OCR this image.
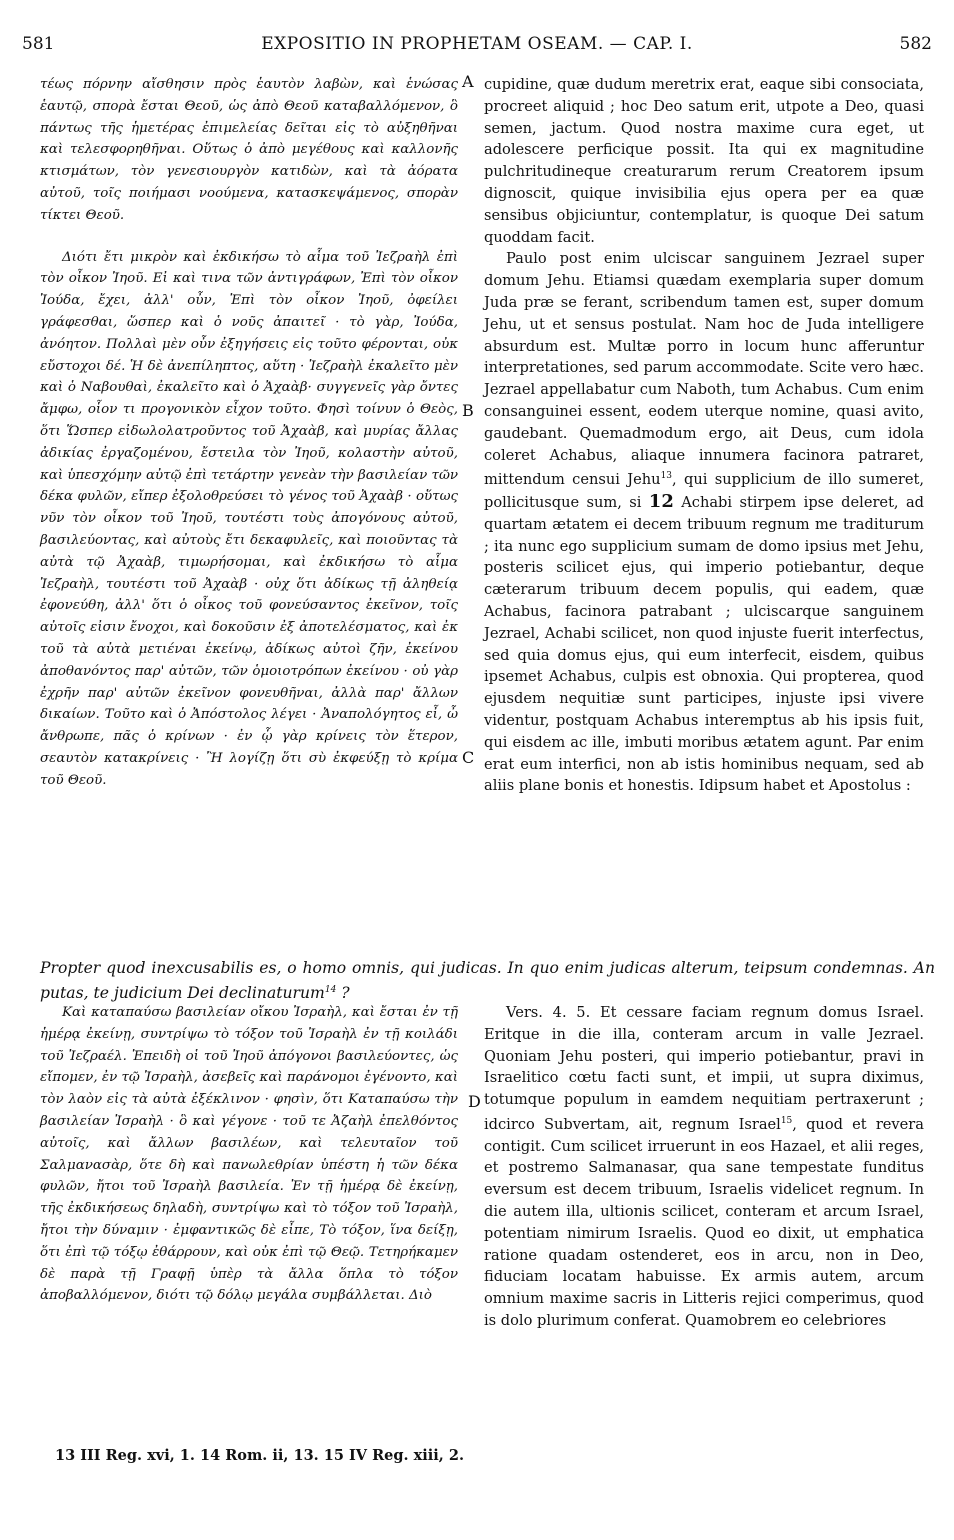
581	EXPOSITIO IN PROPHETAM OSEAM. — CAP. I.	582

τέως πόρνην αἴσθησιν πρὸς ἑαυτὸν λαβὼν, καὶ ἑνώσας ἑαυτῷ, σπορὰ ἔσται Θεοῦ, ὡς ἀπὸ Θεοῦ καταβαλλόμενον, ὃ πάντως τῆς ἡμετέρας ἐπιμελείας δεῖται εἰς τὸ αὐξηθῆναι καὶ τελεσφορηθῆναι. Οὕτως ὁ ἀπὸ μεγέθους καὶ καλλονῆς κτισμάτων, τὸν γενεσιουργὸν κατιδὼν, καὶ τὰ ἀόρατα αὐτοῦ, τοῖς ποιήμασι νοούμενα, κατασκεψάμενος, σπορὰν τίκτει Θεοῦ.

Διότι ἔτι μικρὸν καὶ ἐκδικήσω τὸ αἷμα τοῦ Ἰεζραὴλ ἐπὶ τὸν οἶκον Ἰηοῦ. Εἰ καὶ τινα τῶν ἀντιγράφων, Ἐπὶ τὸν οἶκον Ἰούδα, ἔχει, ἀλλ' οὖν, Ἐπὶ τὸν οἶκον Ἰηοῦ, ὀφείλει γράφεσθαι, ὥσπερ καὶ ὁ νοῦς ἀπαιτεῖ · τὸ γὰρ, Ἰούδα, ἀνόητον. Πολλαὶ μὲν οὖν ἐξηγήσεις εἰς τοῦτο φέρονται, οὐκ εὔστοχοι δέ. Ἡ δὲ ἀνεπίληπτος, αὕτη · Ἰεζραὴλ ἐκαλεῖτο μὲν καὶ ὁ Ναβουθαὶ, ἐκαλεῖτο καὶ ὁ Ἀχαὰβ· συγγενεῖς γὰρ ὄντες ἄμφω, οἷον τι προγονικὸν εἶχον τοῦτο. Φησὶ τοίνυν ὁ Θεὸς, ὅτι Ὥσπερ εἰδωλολατροῦντος τοῦ Ἀχαὰβ, καὶ μυρίας ἄλλας ἀδικίας ἐργαζομένου, ἔστειλα τὸν Ἰηοῦ, κολαστὴν αὐτοῦ, καὶ ὑπεσχόμην αὐτῷ ἐπὶ τετάρτην γενεὰν τὴν βασιλείαν τῶν δέκα φυλῶν, εἴπερ ἐξολοθρεύσει τὸ γένος τοῦ Ἀχαὰβ · οὕτως νῦν τὸν οἶκον τοῦ Ἰηοῦ, τουτέστι τοὺς ἀπογόνους αὐτοῦ, βασιλεύοντας, καὶ αὐτοὺς ἔτι δεκαφυλεῖς, καὶ ποιοῦντας τὰ αὐτὰ τῷ Ἀχαὰβ, τιμωρήσομαι, καὶ ἐκδικήσω τὸ αἷμα Ἰεζραὴλ, τουτέστι τοῦ Ἀχαὰβ · οὐχ ὅτι ἀδίκως τῇ ἀληθείᾳ ἐφονεύθη, ἀλλ' ὅτι ὁ οἶκος τοῦ φονεύσαντος ἐκεῖνον, τοῖς αὐτοῖς εἰσιν ἔνοχοι, καὶ δοκοῦσιν ἐξ ἀποτελέσματος, καὶ ἐκ τοῦ τὰ αὐτὰ μετιέναι ἐκείνῳ, ἀδίκως αὐτοὶ ζῆν, ἐκείνου ἀποθανόντος παρ' αὐτῶν, τῶν ὁμοιοτρόπων ἐκείνου · οὐ γὰρ ἐχρῆν παρ' αὐτῶν ἐκεῖνον φονευθῆναι, ἀλλὰ παρ' ἄλλων δικαίων. Τοῦτο καὶ ὁ Ἀπόστολος λέγει · Ἀναπολόγητος εἶ, ὦ ἄνθρωπε, πᾶς ὁ κρίνων · ἐν ᾧ γὰρ κρίνεις τὸν ἕτερον, σεαυτὸν κατακρίνεις · Ἢ λογίζῃ ὅτι σὺ ἐκφεύξῃ τὸ κρίμα τοῦ Θεοῦ.

A
B
C
D

cupidine, quæ dudum meretrix erat, eaque sibi consociata, procreet aliquid ; hoc Deo satum erit, utpote a Deo, quasi semen, jactum. Quod nostra maxime cura eget, ut adolescere perficique possit. Ita qui ex magnitudine pulchritudineque creaturarum rerum Creatorem ipsum dignoscit, quique invisibilia ejus opera per ea quæ sensibus objiciuntur, contemplatur, is quoque Dei satum quoddam facit.

Paulo post enim ulciscar sanguinem Jezrael super domum Jehu. Etiamsi quædam exemplaria super domum Juda præ se ferant, scribendum tamen est, super domum Jehu, ut et sensus postulat. Nam hoc de Juda intelligere absurdum est. Multæ porro in locum hunc afferuntur interpretationes, sed parum accommodate. Scite vero hæc. Jezrael appellabatur cum Naboth, tum Achabus. Cum enim consanguinei essent, eodem uterque nomine, quasi avito, gaudebant. Quemadmodum ergo, ait Deus, cum idola coleret Achabus, aliaque innumera facinora patraret, mittendum censui Jehu$^{13}$, qui supplicium de illo sumeret, pollicitusque sum, si 12 Achabi stirpem ipse deleret, ad quartam ætatem ei decem tribuum regnum me traditurum ; ita nunc ego supplicium sumam de domo ipsius met Jehu, posteris scilicet ejus, qui imperio potiebantur, deque cæterarum tribuum decem populis, qui eadem, quæ Achabus, facinora patrabant ; ulciscarque sanguinem Jezrael, Achabi scilicet, non quod injuste fuerit interfectus, sed quia domus ejus, qui eum interfecit, eisdem, quibus ipsemet Achabus, culpis est obnoxia. Qui propterea, quod ejusdem nequitiæ sunt participes, injuste ipsi vivere videntur, postquam Achabus interemptus ab his ipsis fuit, qui eisdem ac ille, imbuti moribus ætatem agunt. Par enim erat eum interfici, non ab istis hominibus nequam, sed ab aliis plane bonis et honestis. Idipsum habet et Apostolus :

Propter quod inexcusabilis es, o homo omnis, qui judicas. In quo enim judicas alterum, teipsum condemnas. An putas, te judicium Dei declinaturum$^{14}$ ?

Καὶ καταπαύσω βασιλείαν οἴκου Ἰσραὴλ, καὶ ἔσται ἐν τῇ ἡμέρᾳ ἐκείνῃ, συντρίψω τὸ τόξον τοῦ Ἰσραὴλ ἐν τῇ κοιλάδι τοῦ Ἰεζραέλ. Ἐπειδὴ οἱ τοῦ Ἰηοῦ ἀπόγονοι βασιλεύοντες, ὡς εἴπομεν, ἐν τῷ Ἰσραὴλ, ἀσεβεῖς καὶ παράνομοι ἐγένοντο, καὶ τὸν λαὸν εἰς τὰ αὐτὰ ἐξέκλινον · φησὶν, ὅτι Καταπαύσω τὴν βασιλείαν Ἰσραὴλ · ὃ καὶ γέγονε · τοῦ τε Ἀζαὴλ ἐπελθόντος αὐτοῖς, καὶ ἄλλων βασιλέων, καὶ τελευταῖον τοῦ Σαλμανασὰρ, ὅτε δὴ καὶ πανωλεθρίαν ὑπέστη ἡ τῶν δέκα φυλῶν, ἤτοι τοῦ Ἰσραὴλ βασιλεία. Ἐν τῇ ἡμέρᾳ δὲ ἐκείνῃ, τῆς ἐκδικήσεως δηλαδὴ, συντρίψω καὶ τὸ τόξον τοῦ Ἰσραὴλ, ἤτοι τὴν δύναμιν · ἐμφαντικῶς δὲ εἶπε, Τὸ τόξον, ἵνα δείξῃ, ὅτι ἐπὶ τῷ τόξῳ ἐθάρρουν, καὶ οὐκ ἐπὶ τῷ Θεῷ. Τετηρήκαμεν δὲ παρὰ τῇ Γραφῇ ὑπὲρ τὰ ἄλλα ὅπλα τὸ τόξον ἀποβαλλόμενον, διότι τῷ δόλῳ μεγάλα συμβάλλεται. Διὸ

Vers. 4. 5. Et cessare faciam regnum domus Israel. Eritque in die illa, conteram arcum in valle Jezrael. Quoniam Jehu posteri, qui imperio potiebantur, pravi in Israelitico cœtu facti sunt, et impii, ut supra diximus, totumque populum in eamdem nequitiam pertraxerunt ; idcirco Subvertam, ait, regnum Israel$^{15}$, quod et revera contigit. Cum scilicet irruerunt in eos Hazael, et alii reges, et postremo Salmanasar, qua sane tempestate funditus eversum est decem tribuum, Israelis videlicet regnum. In die autem illa, ultionis scilicet, conteram et arcum Israel, potentiam nimirum Israelis. Quod eo dixit, ut emphatica ratione quadam ostenderet, eos in arcu, non in Deo, fiduciam locatam habuisse. Ex armis autem, arcum omnium maxime sacris in Litteris rejici comperimus, quod is dolo plurimum conferat. Quamobrem eo celebriores

13 III Reg. xvi, 1. 14 Rom. ii, 13. 15 IV Reg. xiii, 2.
